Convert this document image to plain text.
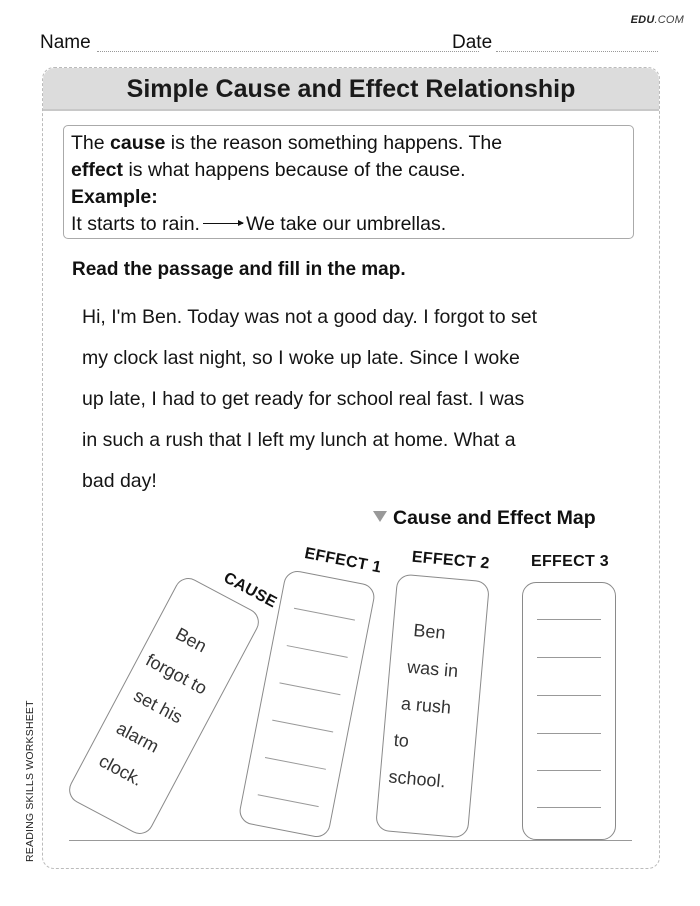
EDU.COM
Name	Date
Simple Cause and Effect Relationship
The cause is the reason something happens. The
effect is what happens because of the cause.
Example:
It starts to rain. We take our umbrellas.
Read the passage and fill in the map.
Hi, I'm Ben. Today was not a good day. I forgot to set
my clock last night, so I woke up late. Since I woke
up late, I had to get ready for school real fast. I was
in such a rush that I left my lunch at home. What a
bad day!
Cause and Effect Map
CAUSE
Ben
forgot to
set his
alarm
clock.
EFFECT 1 EFFECT 2
Ben
was in
a rush
to
school.
EFFECT 3
READING SKILLS WORKSHEET
